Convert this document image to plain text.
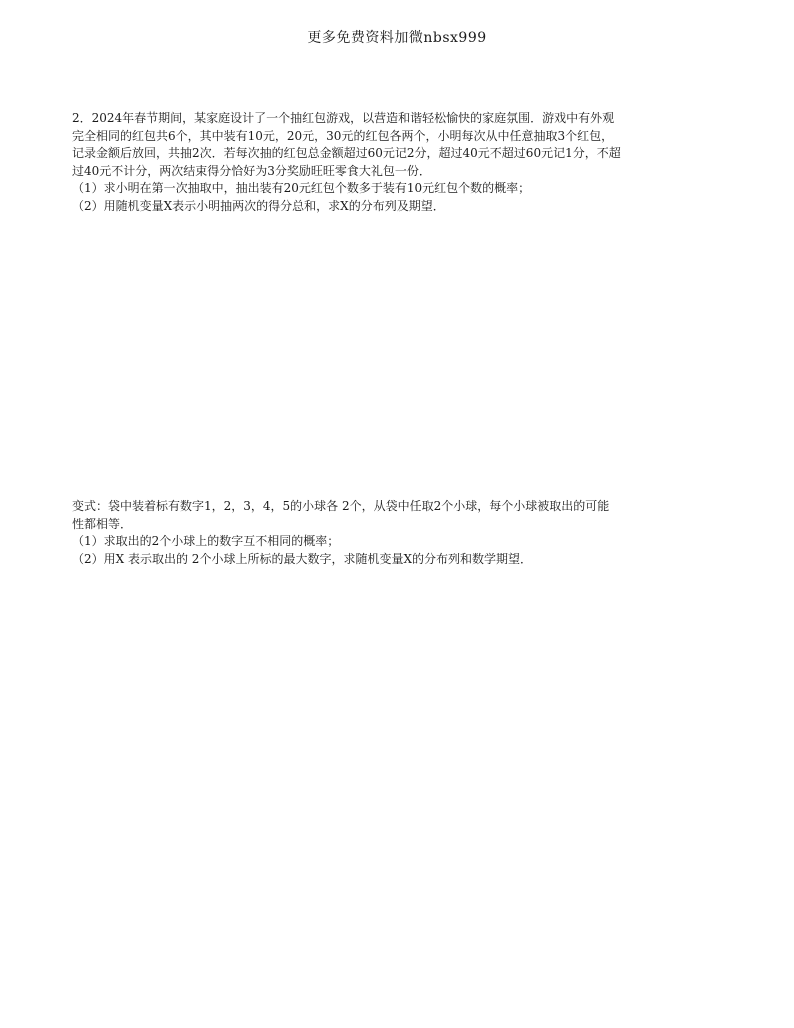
更多免费资料加微nbsx999

2．2024年春节期间，某家庭设计了一个抽红包游戏，以营造和谐轻松愉快的家庭氛围．游戏中有外观

完全相同的红包共6个，其中装有10元，20元，30元的红包各两个，小明每次从中任意抽取3个红包，

记录金额后放回，共抽2次．若每次抽的红包总金额超过60元记2分，超过40元不超过60元记1分，不超

过40元不计分，两次结束得分恰好为3分奖励旺旺零食大礼包一份．

（1）求小明在第一次抽取中，抽出装有20元红包个数多于装有10元红包个数的概率；

（2）用随机变量X表示小明抽两次的得分总和，求X的分布列及期望．

变式：袋中装着标有数字1，2，3，4，5的小球各 2个，从袋中任取2个小球，每个小球被取出的可能

性都相等．

（1）求取出的2个小球上的数字互不相同的概率；

（2）用X 表示取出的 2个小球上所标的最大数字，求随机变量X的分布列和数学期望．
